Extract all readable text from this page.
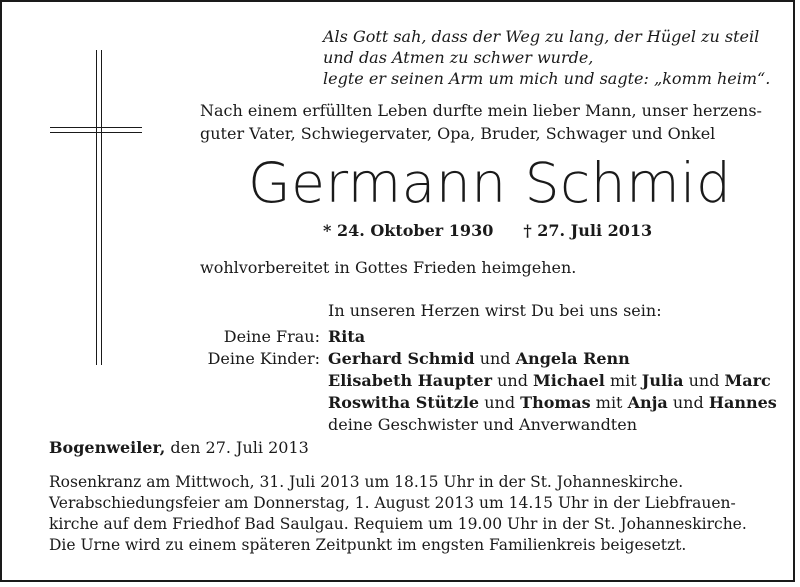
Als Gott sah, dass der Weg zu lang, der Hügel zu steil
und das Atmen zu schwer wurde,
legte er seinen Arm um mich und sagte: „komm heim“.
Nach einem erfüllten Leben durfte mein lieber Mann, unser herzens-
guter Vater, Schwiegervater, Opa, Bruder, Schwager und Onkel
Germann Schmid
* 24. Oktober 1930 † 27. Juli 2013
wohlvorbereitet in Gottes Frieden heimgehen.
In unseren Herzen wirst Du bei uns sein:
Deine Frau: Rita
Deine Kinder: Gerhard Schmid und Angela Renn
Elisabeth Haupter und Michael mit Julia und Marc
Roswitha Stützle und Thomas mit Anja und Hannes
deine Geschwister und Anverwandten
Bogenweiler, den 27. Juli 2013
Rosenkranz am Mittwoch, 31. Juli 2013 um 18.15 Uhr in der St. Johanneskirche.
Verabschiedungsfeier am Donnerstag, 1. August 2013 um 14.15 Uhr in der Liebfrauen-
kirche auf dem Friedhof Bad Saulgau. Requiem um 19.00 Uhr in der St. Johanneskirche.
Die Urne wird zu einem späteren Zeitpunkt im engsten Familienkreis beigesetzt.
